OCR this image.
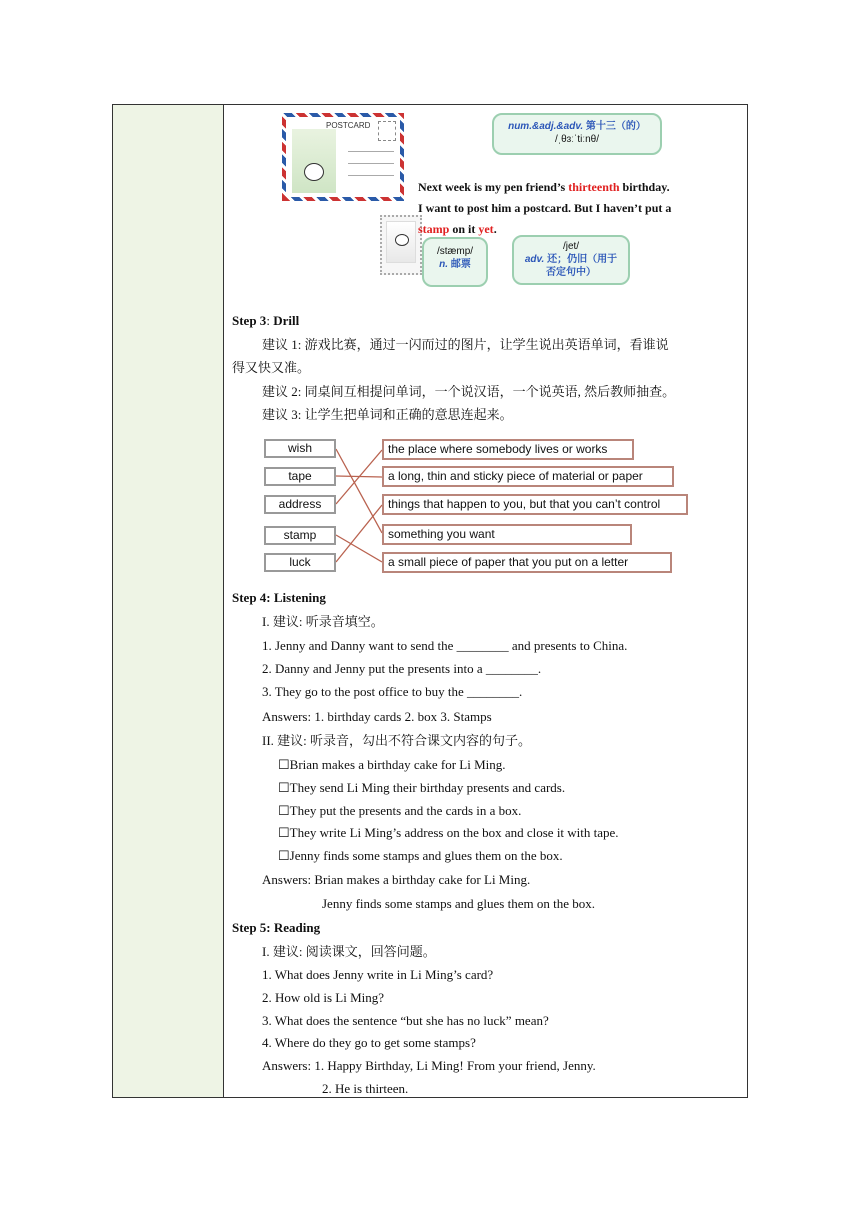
POSTCARD	num.&adj.&adv. 第十三（的）
/ˌθɜːˈtiːnθ/
Next week is my pen friend’s thirteenth birthday.
I want to post him a postcard. But I haven’t put a
stamp on it yet.
/stæmp/
n. 邮票
/jet/
adv. 还；仍旧（用于否定句中）
Step 3: Drill
建议 1: 游戏比赛，通过一闪而过的图片，让学生说出英语单词，看谁说
得又快又准。
建议 2: 同桌间互相提问单词，一个说汉语，一个说英语, 然后教师抽查。
建议 3: 让学生把单词和正确的意思连起来。
wish
tape
address
stamp
luck
the place where somebody lives or works
a long, thin and sticky piece of material or paper
things that happen to you, but that you can’t control
something you want
a small piece of paper that you put on a letter
Step 4: Listening
I. 建议: 听录音填空。
1. Jenny and Danny want to send the ________ and presents to China.
2. Danny and Jenny put the presents into a ________.
3. They go to the post office to buy the ________.
Answers: 1. birthday cards 2. box 3. Stamps
II. 建议: 听录音，勾出不符合课文内容的句子。
☐Brian makes a birthday cake for Li Ming.
☐They send Li Ming their birthday presents and cards.
☐They put the presents and the cards in a box.
☐They write Li Ming’s address on the box and close it with tape.
☐Jenny finds some stamps and glues them on the box.
Answers: Brian makes a birthday cake for Li Ming.
Jenny finds some stamps and glues them on the box.
Step 5: Reading
I. 建议: 阅读课文，回答问题。
1. What does Jenny write in Li Ming’s card?
2. How old is Li Ming?
3. What does the sentence “but she has no luck” mean?
4. Where do they go to get some stamps?
Answers: 1. Happy Birthday, Li Ming! From your friend, Jenny.
2. He is thirteen.
